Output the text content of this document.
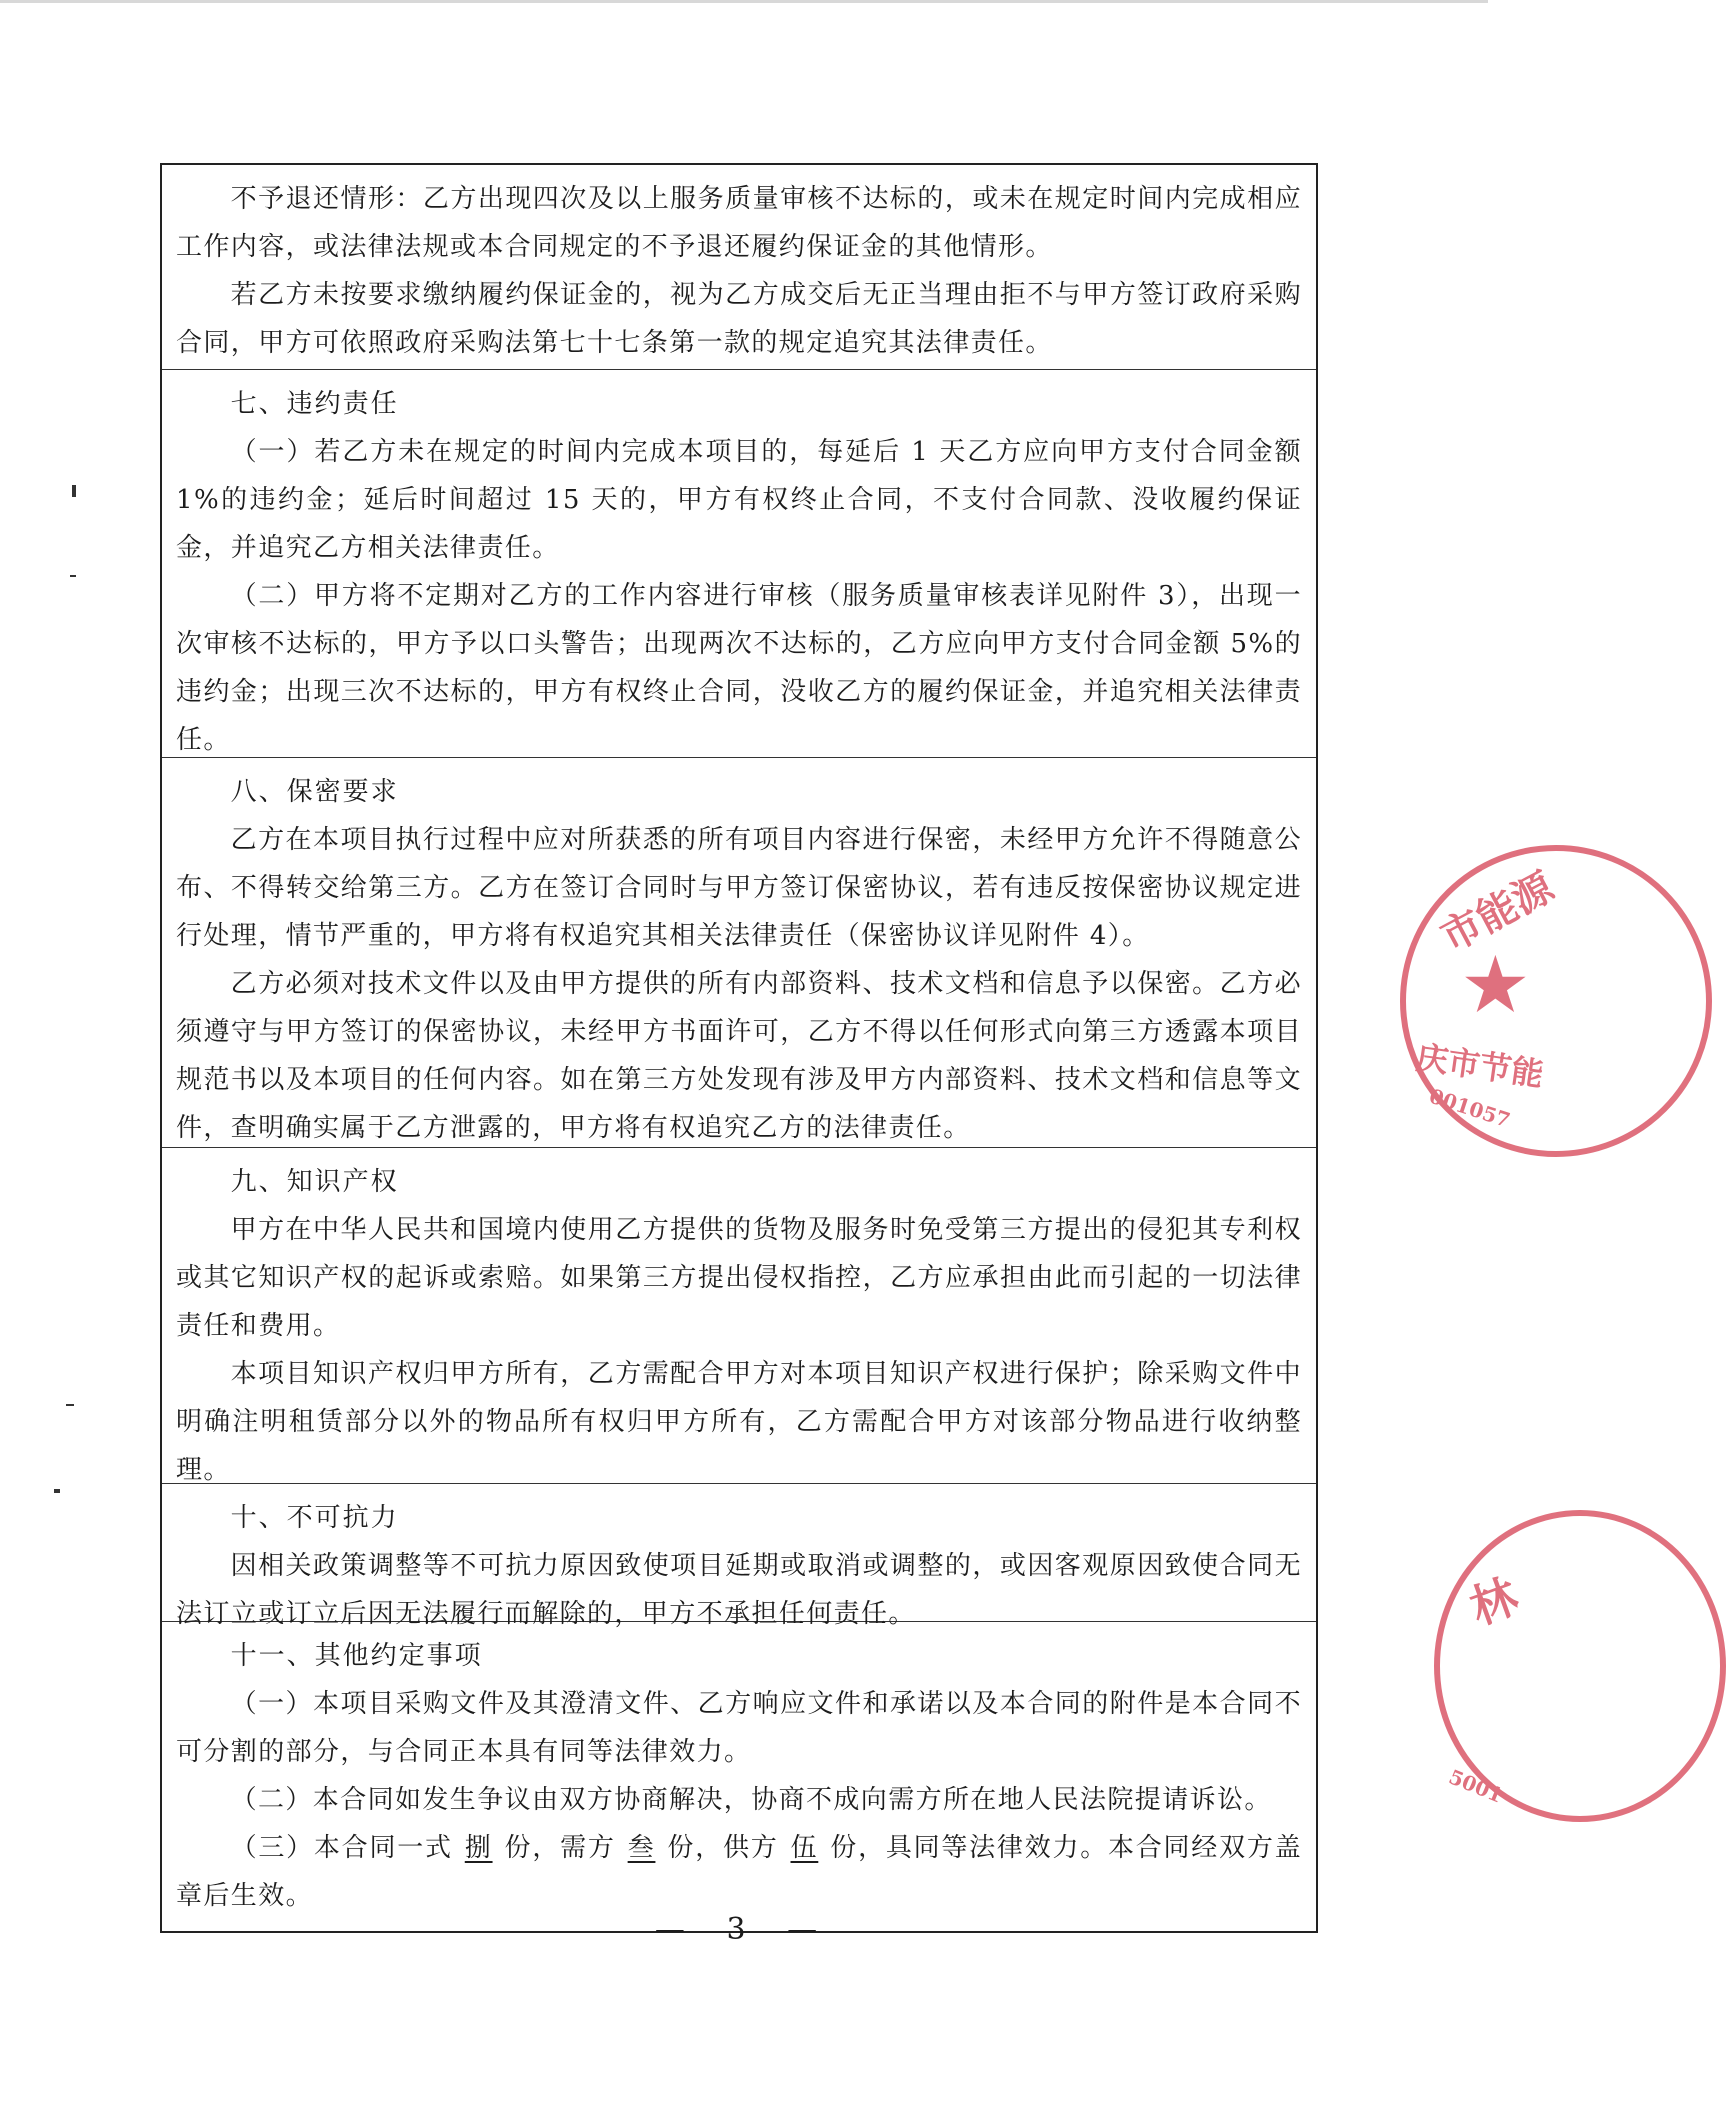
不予退还情形：乙方出现四次及以上服务质量审核不达标的，或未在规定时间内完成相应工作内容，或法律法规或本合同规定的不予退还履约保证金的其他情形。
若乙方未按要求缴纳履约保证金的，视为乙方成交后无正当理由拒不与甲方签订政府采购合同，甲方可依照政府采购法第七十七条第一款的规定追究其法律责任。
七、违约责任
（一）若乙方未在规定的时间内完成本项目的，每延后 1 天乙方应向甲方支付合同金额 1%的违约金；延后时间超过 15 天的，甲方有权终止合同，不支付合同款、没收履约保证金，并追究乙方相关法律责任。
（二）甲方将不定期对乙方的工作内容进行审核（服务质量审核表详见附件 3），出现一次审核不达标的，甲方予以口头警告；出现两次不达标的，乙方应向甲方支付合同金额 5%的违约金；出现三次不达标的，甲方有权终止合同，没收乙方的履约保证金，并追究相关法律责任。
八、保密要求
乙方在本项目执行过程中应对所获悉的所有项目内容进行保密，未经甲方允许不得随意公布、不得转交给第三方。乙方在签订合同时与甲方签订保密协议，若有违反按保密协议规定进行处理，情节严重的，甲方将有权追究其相关法律责任（保密协议详见附件 4）。
乙方必须对技术文件以及由甲方提供的所有内部资料、技术文档和信息予以保密。乙方必须遵守与甲方签订的保密协议，未经甲方书面许可，乙方不得以任何形式向第三方透露本项目规范书以及本项目的任何内容。如在第三方处发现有涉及甲方内部资料、技术文档和信息等文件，查明确实属于乙方泄露的，甲方将有权追究乙方的法律责任。
九、知识产权
甲方在中华人民共和国境内使用乙方提供的货物及服务时免受第三方提出的侵犯其专利权或其它知识产权的起诉或索赔。如果第三方提出侵权指控，乙方应承担由此而引起的一切法律责任和费用。
本项目知识产权归甲方所有，乙方需配合甲方对本项目知识产权进行保护；除采购文件中明确注明租赁部分以外的物品所有权归甲方所有，乙方需配合甲方对该部分物品进行收纳整理。
十、不可抗力
因相关政策调整等不可抗力原因致使项目延期或取消或调整的，或因客观原因致使合同无法订立或订立后因无法履行而解除的，甲方不承担任何责任。
十一、其他约定事项
（一）本项目采购文件及其澄清文件、乙方响应文件和承诺以及本合同的附件是本合同不可分割的部分，与合同正本具有同等法律效力。
（二）本合同如发生争议由双方协商解决，协商不成向需方所在地人民法院提请诉讼。
（三）本合同一式 捌 份，需方 叁 份，供方 伍 份，具同等法律效力。本合同经双方盖章后生效。
— 3 —
市能源
★
庆市节能
001057
林
5001
